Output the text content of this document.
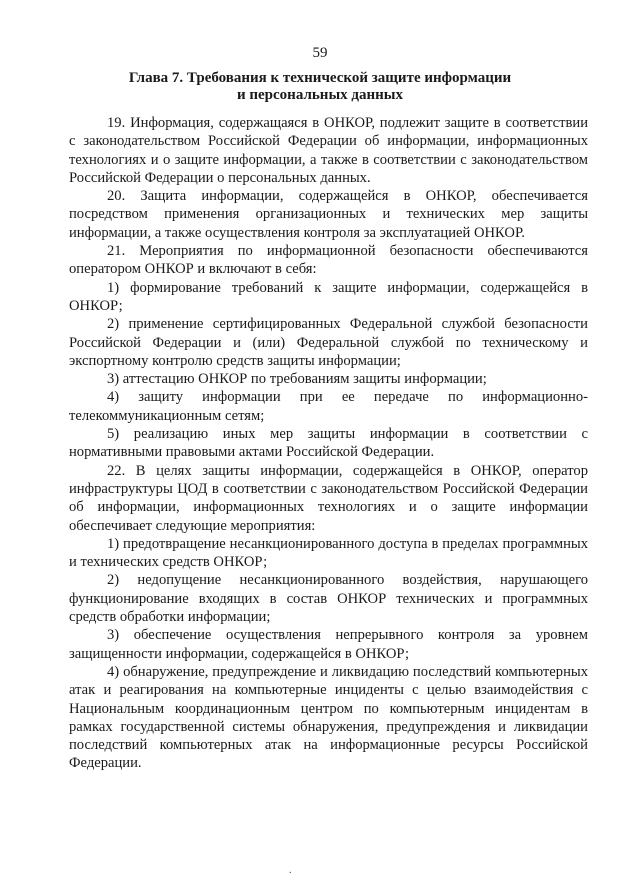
59
Глава 7. Требования к технической защите информации
и персональных данных

19. Информация, содержащаяся в ОНКОР, подлежит защите в соответствии с законодательством Российской Федерации об информации, информационных технологиях и о защите информации, а также в соответствии с законодательством Российской Федерации о персональных данных.

20. Защита информации, содержащейся в ОНКОР, обеспечивается посредством применения организационных и технических мер защиты информации, а также осуществления контроля за эксплуатацией ОНКОР.

21. Мероприятия по информационной безопасности обеспечиваются оператором ОНКОР и включают в себя:

1) формирование требований к защите информации, содержащейся в ОНКОР;

2) применение сертифицированных Федеральной службой безопасности Российской Федерации и (или) Федеральной службой по техническому и экспортному контролю средств защиты информации;

3) аттестацию ОНКОР по требованиям защиты информации;

4) защиту информации при ее передаче по информационно-телекоммуникационным сетям;

5) реализацию иных мер защиты информации в соответствии с нормативными правовыми актами Российской Федерации.

22. В целях защиты информации, содержащейся в ОНКОР, оператор инфраструктуры ЦОД в соответствии с законодательством Российской Федерации об информации, информационных технологиях и о защите информации обеспечивает следующие мероприятия:

1) предотвращение несанкционированного доступа в пределах программных и технических средств ОНКОР;

2) недопущение несанкционированного воздействия, нарушающего функционирование входящих в состав ОНКОР технических и программных средств обработки информации;

3) обеспечение осуществления непрерывного контроля за уровнем защищенности информации, содержащейся в ОНКОР;

4) обнаружение, предупреждение и ликвидацию последствий компьютерных атак и реагирования на компьютерные инциденты с целью взаимодействия с Национальным координационным центром по компьютерным инцидентам в рамках государственной системы обнаружения, предупреждения и ликвидации последствий компьютерных атак на информационные ресурсы Российской Федерации.

.
